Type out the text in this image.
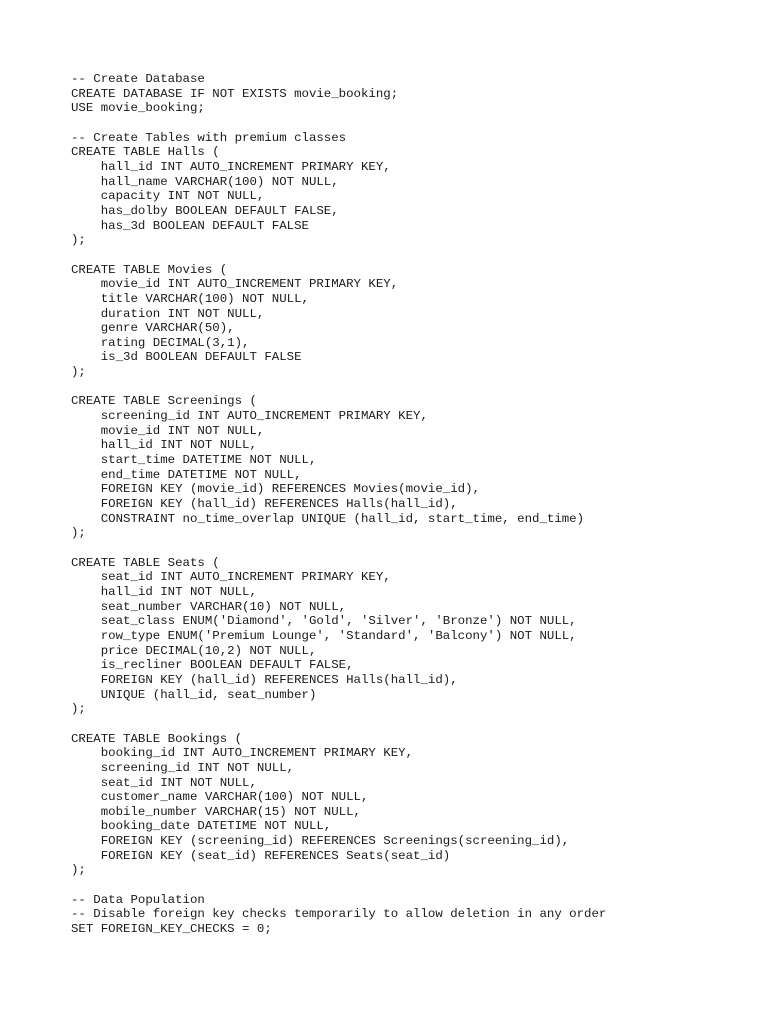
-- Create Database
CREATE DATABASE IF NOT EXISTS movie_booking;
USE movie_booking;
-- Create Tables with premium classes
CREATE TABLE Halls (
hall_id INT AUTO_INCREMENT PRIMARY KEY,
hall_name VARCHAR(100) NOT NULL,
capacity INT NOT NULL,
has_dolby BOOLEAN DEFAULT FALSE,
has_3d BOOLEAN DEFAULT FALSE
);
CREATE TABLE Movies (
movie_id INT AUTO_INCREMENT PRIMARY KEY,
title VARCHAR(100) NOT NULL,
duration INT NOT NULL,
genre VARCHAR(50),
rating DECIMAL(3,1),
is_3d BOOLEAN DEFAULT FALSE
);
CREATE TABLE Screenings (
screening_id INT AUTO_INCREMENT PRIMARY KEY,
movie_id INT NOT NULL,
hall_id INT NOT NULL,
start_time DATETIME NOT NULL,
end_time DATETIME NOT NULL,
FOREIGN KEY (movie_id) REFERENCES Movies(movie_id),
FOREIGN KEY (hall_id) REFERENCES Halls(hall_id),
CONSTRAINT no_time_overlap UNIQUE (hall_id, start_time, end_time)
);
CREATE TABLE Seats (
seat_id INT AUTO_INCREMENT PRIMARY KEY,
hall_id INT NOT NULL,
seat_number VARCHAR(10) NOT NULL,
seat_class ENUM('Diamond', 'Gold', 'Silver', 'Bronze') NOT NULL,
row_type ENUM('Premium Lounge', 'Standard', 'Balcony') NOT NULL,
price DECIMAL(10,2) NOT NULL,
is_recliner BOOLEAN DEFAULT FALSE,
FOREIGN KEY (hall_id) REFERENCES Halls(hall_id),
UNIQUE (hall_id, seat_number)
);
CREATE TABLE Bookings (
booking_id INT AUTO_INCREMENT PRIMARY KEY,
screening_id INT NOT NULL,
seat_id INT NOT NULL,
customer_name VARCHAR(100) NOT NULL,
mobile_number VARCHAR(15) NOT NULL,
booking_date DATETIME NOT NULL,
FOREIGN KEY (screening_id) REFERENCES Screenings(screening_id),
FOREIGN KEY (seat_id) REFERENCES Seats(seat_id)
);
-- Data Population
-- Disable foreign key checks temporarily to allow deletion in any order
SET FOREIGN_KEY_CHECKS = 0;
